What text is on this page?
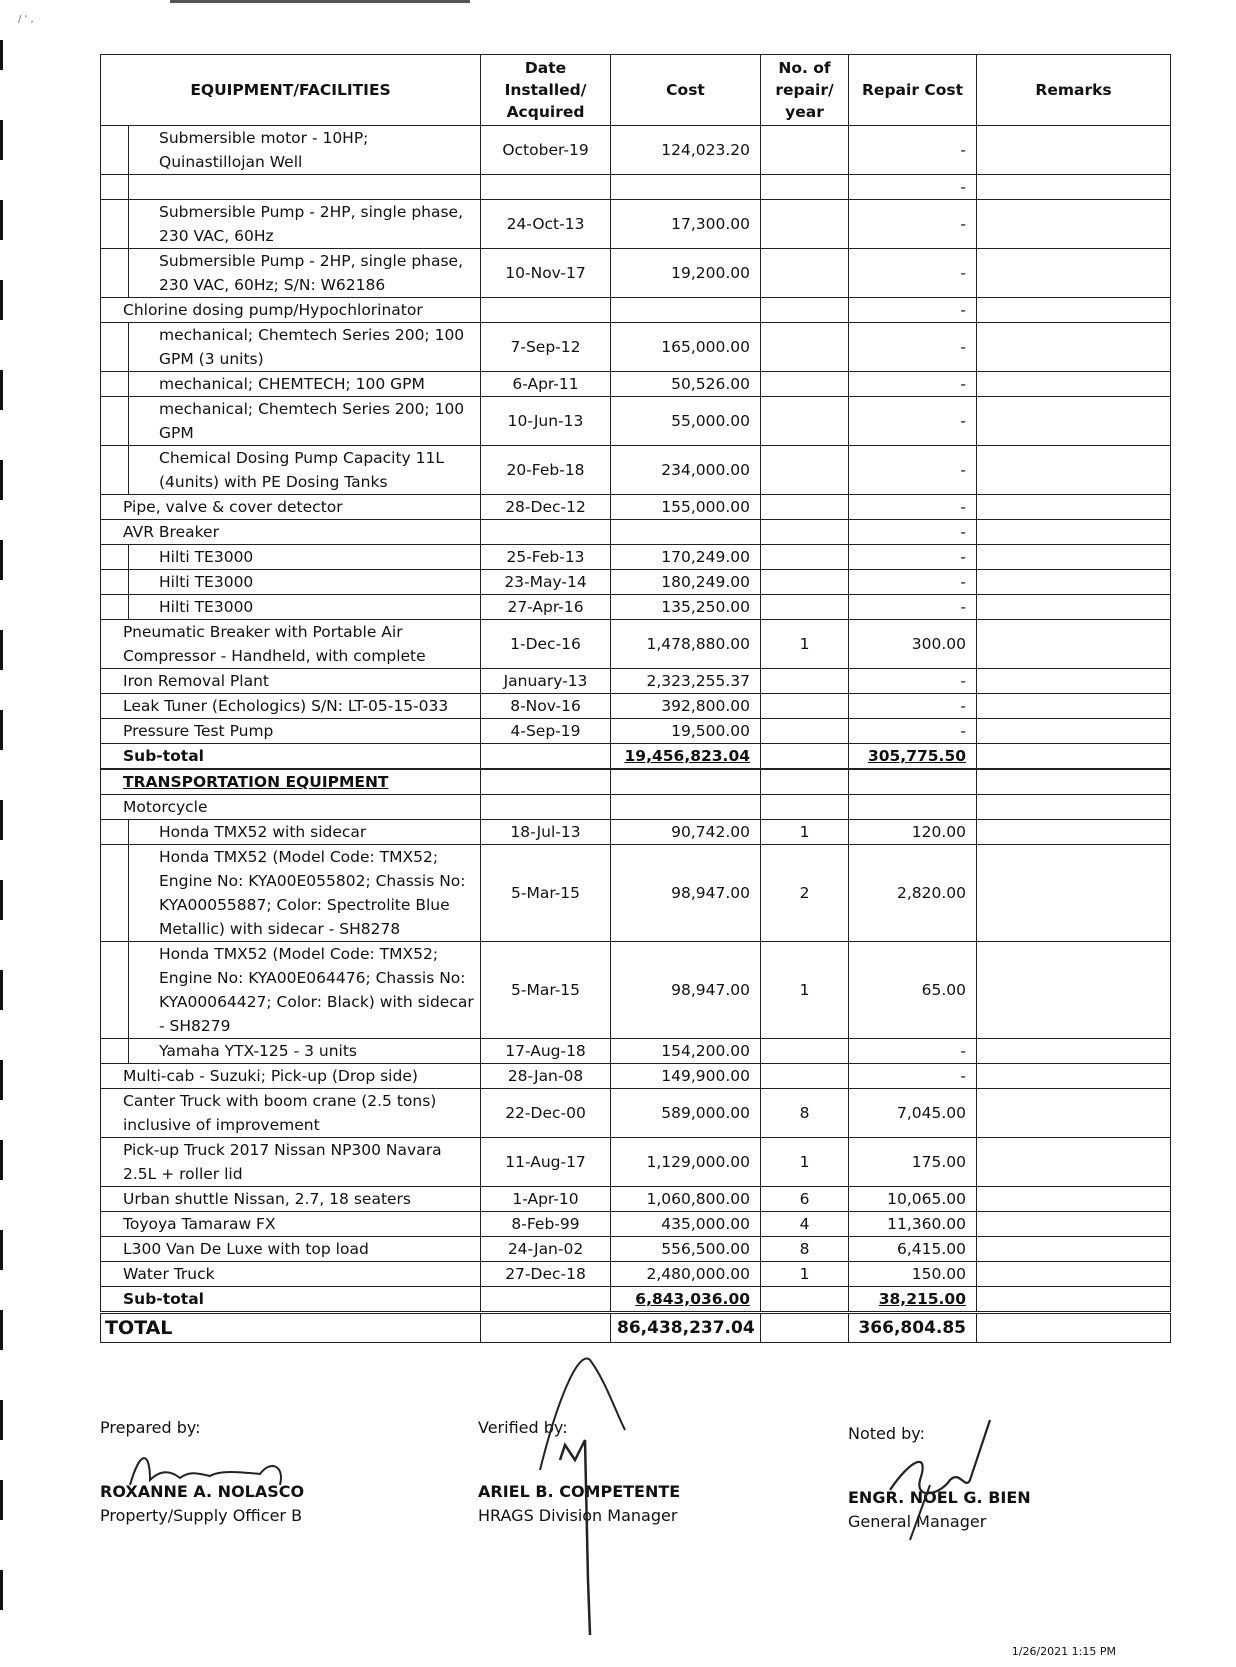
/ ' ,
EQUIPMENT/FACILITIES		Date Installed/ Acquired	Cost	No. of repair/ year	Repair Cost	Remarks
	Submersible motor - 10HP; Quinastillojan Well	October-19	124,023.20		-	
					-	
	Submersible Pump - 2HP, single phase, 230 VAC, 60Hz	24-Oct-13	17,300.00		-	
	Submersible Pump - 2HP, single phase, 230 VAC, 60Hz; S/N: W62186	10-Nov-17	19,200.00		-	
Chlorine dosing pump/Hypochlorinator					-	
	mechanical; Chemtech Series 200; 100 GPM (3 units)	7-Sep-12	165,000.00		-	
	mechanical; CHEMTECH; 100 GPM	6-Apr-11	50,526.00		-	
	mechanical; Chemtech Series 200; 100 GPM	10-Jun-13	55,000.00		-	
	Chemical Dosing Pump Capacity 11L (4units) with PE Dosing Tanks	20-Feb-18	234,000.00		-	
Pipe, valve & cover detector		28-Dec-12	155,000.00		-	
AVR Breaker					-	
	Hilti TE3000	25-Feb-13	170,249.00		-	
	Hilti TE3000	23-May-14	180,249.00		-	
	Hilti TE3000	27-Apr-16	135,250.00		-	
Pneumatic Breaker with Portable Air Compressor - Handheld, with complete		1-Dec-16	1,478,880.00	1	300.00	
Iron Removal Plant		January-13	2,323,255.37		-	
Leak Tuner (Echologics) S/N: LT-05-15-033		8-Nov-16	392,800.00		-	
Pressure Test Pump		4-Sep-19	19,500.00		-	
Sub-total			19,456,823.04		305,775.50	

TRANSPORTATION EQUIPMENT						
Motorcycle						
	Honda TMX52 with sidecar	18-Jul-13	90,742.00	1	120.00	
	Honda TMX52 (Model Code: TMX52; Engine No: KYA00E055802; Chassis No: KYA00055887; Color: Spectrolite Blue Metallic) with sidecar - SH8278	5-Mar-15	98,947.00	2	2,820.00	
	Honda TMX52 (Model Code: TMX52; Engine No: KYA00E064476; Chassis No: KYA00064427; Color: Black) with sidecar - SH8279	5-Mar-15	98,947.00	1	65.00	
	Yamaha YTX-125 - 3 units	17-Aug-18	154,200.00		-	
Multi-cab - Suzuki; Pick-up (Drop side)		28-Jan-08	149,900.00		-	
Canter Truck with boom crane (2.5 tons) inclusive of improvement		22-Dec-00	589,000.00	8	7,045.00	
Pick-up Truck 2017 Nissan NP300 Navara 2.5L + roller lid		11-Aug-17	1,129,000.00	1	175.00	
Urban shuttle Nissan, 2.7, 18 seaters		1-Apr-10	1,060,800.00	6	10,065.00	
Toyoya Tamaraw FX		8-Feb-99	435,000.00	4	11,360.00	
L300 Van De Luxe with top load		24-Jan-02	556,500.00	8	6,415.00	
Water Truck		27-Dec-18	2,480,000.00	1	150.00	
Sub-total			6,843,036.00		38,215.00	
TOTAL			86,438,237.04		366,804.85	
Prepared by:
ROXANNE A. NOLASCO
Property/Supply Officer B
Verified by:
ARIEL B. COMPETENTE
HRAGS Division Manager
Noted by:
ENGR. NOEL G. BIEN
General Manager
1/26/2021 1:15 PM
